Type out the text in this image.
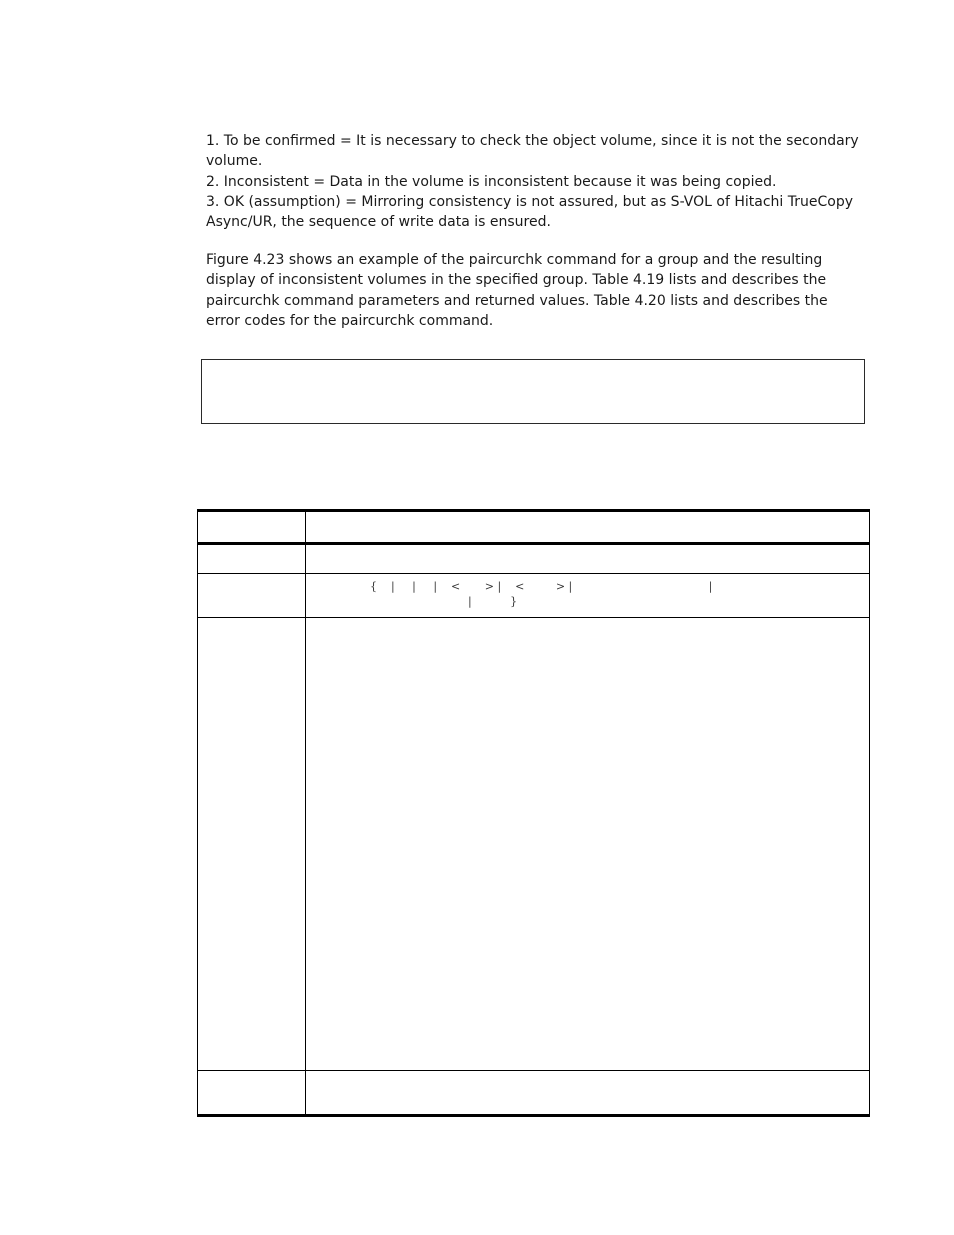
1. To be confirmed = It is necessary to check the object volume, since it is not the secondary volume.

2. Inconsistent = Data in the volume is inconsistent because it was being copied.

3. OK (assumption) = Mirroring consistency is not assured, but as S-VOL of Hitachi TrueCopy Async/UR, the sequence of write data is ensured.

Figure 4.23 shows an example of the paircurchk command for a group and the resulting display of inconsistent volumes in the specified group. Table 4.19 lists and describes the paircurchk command parameters and returned values. Table 4.20 lists and describes the error codes for the paircurchk command.

{    |     |     |    <       > |    <         > |                                       |
|           }
